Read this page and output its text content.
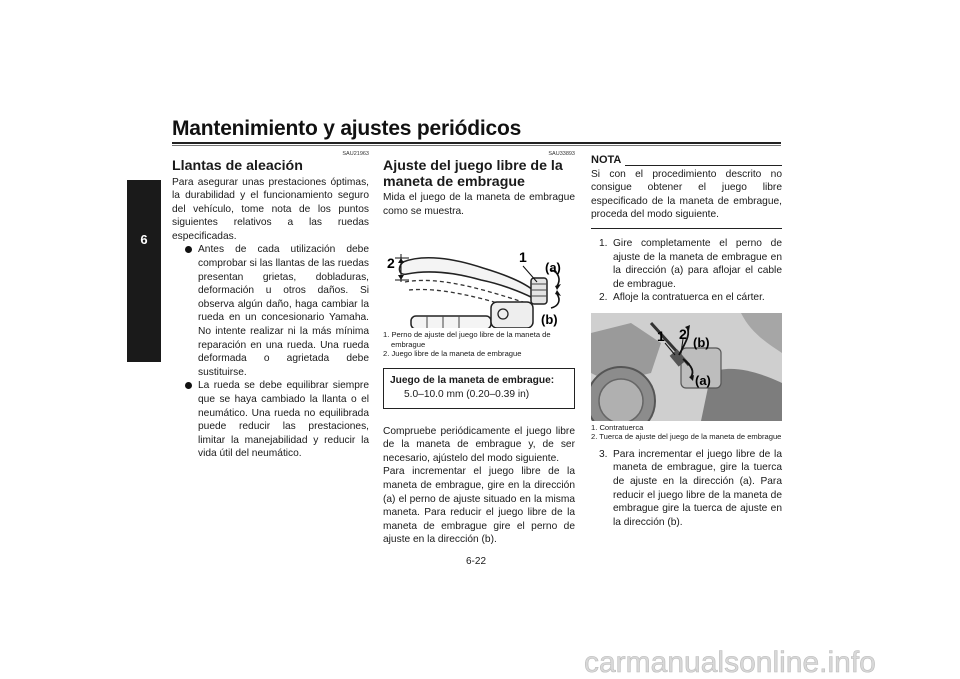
Mantenimiento y ajustes periódicos
6
SAU21963
Llantas de aleación

Para asegurar unas prestaciones óptimas, la durabilidad y el funcionamiento seguro del vehículo, tome nota de los puntos siguientes relativos a las ruedas especificadas.

Antes de cada utilización debe comprobar si las llantas de las ruedas presentan grietas, dobladuras, deformación u otros daños. Si observa algún daño, haga cambiar la rueda en un concesionario Yamaha. No intente realizar ni la más mínima reparación en una rueda. Una rueda deformada o agrietada debe sustituirse.
La rueda se debe equilibrar siempre que se haya cambiado la llanta o el neumático. Una rueda no equilibrada puede reducir las prestaciones, limitar la manejabilidad y reducir la vida útil del neumático.
SAU33893
Ajuste del juego libre de la maneta de embrague

Mida el juego de la maneta de embrague como se muestra.

2	1
(a)
(b)
1. Perno de ajuste del juego libre de la maneta de embrague
2. Juego libre de la maneta de embrague
Juego de la maneta de embrague:
5.0–10.0 mm (0.20–0.39 in)

Compruebe periódicamente el juego libre de la maneta de embrague y, de ser necesario, ajústelo del modo siguiente.

Para incrementar el juego libre de la maneta de embrague, gire en la dirección (a) el perno de ajuste situado en la misma maneta. Para reducir el juego libre de la maneta de embrague gire el perno de ajuste en la dirección (b).

NOTA

Si con el procedimiento descrito no consigue obtener el juego libre especificado de la maneta de embrague, proceda del modo siguiente.

1. Gire completamente el perno de ajuste de la maneta de embrague en la dirección (a) para aflojar el cable de embrague.
2. Afloje la contratuerca en el cárter.
1 2
(b)
(a)
1. Contratuerca
2. Tuerca de ajuste del juego de la maneta de embrague
3. Para incrementar el juego libre de la maneta de embrague, gire la tuerca de ajuste en la dirección (a). Para reducir el juego libre de la maneta de embrague gire la tuerca de ajuste en la dirección (b).
6-22
carmanualsonline.info
